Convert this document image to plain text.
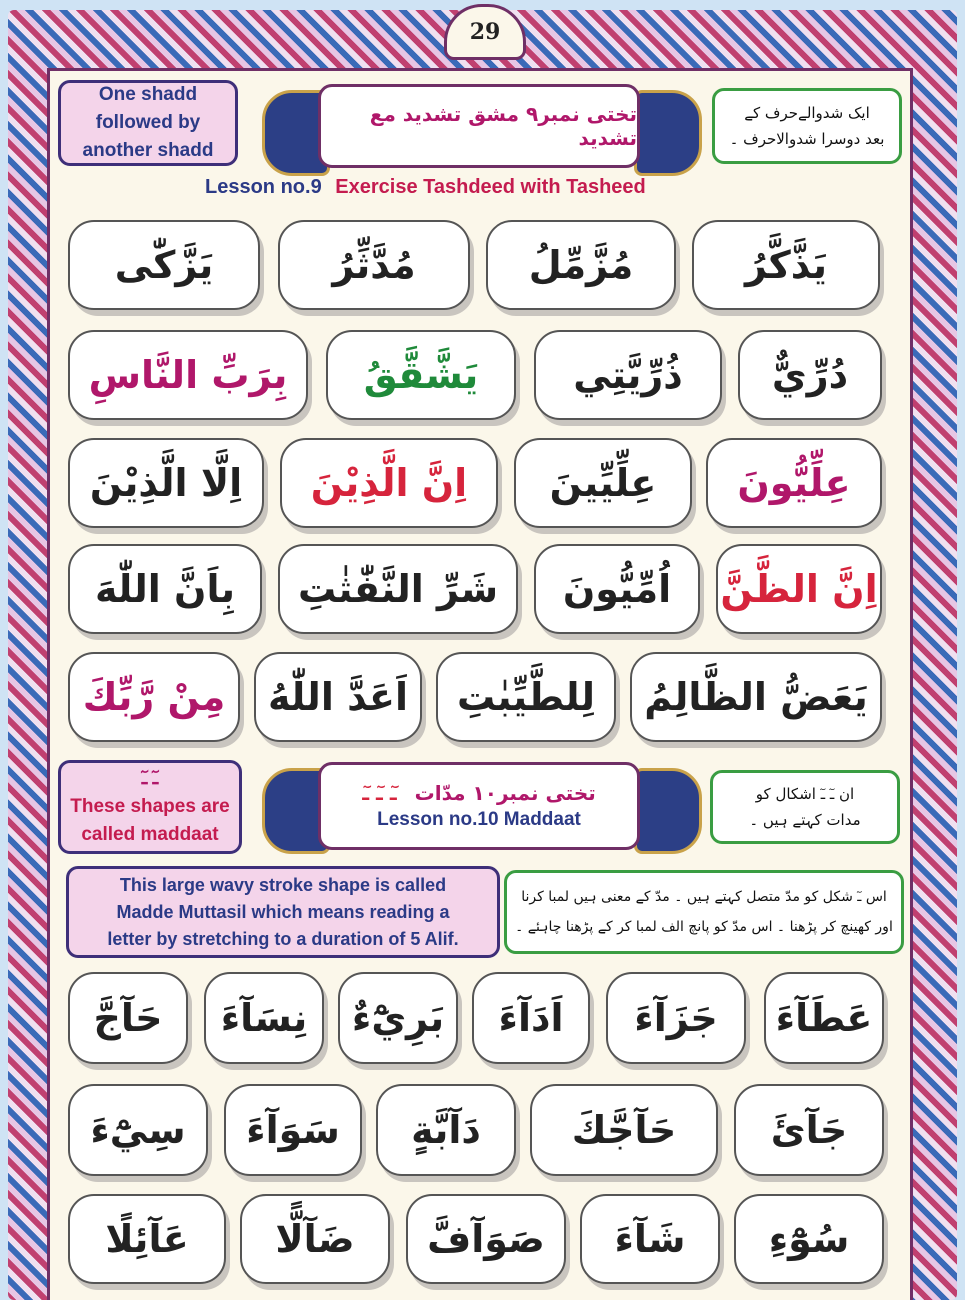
29
One shadd
followed by
another shadd
تختی نمبر۹ مشق تشدید مع تشدید
ایک شدوالےحرف کے
بعد دوسرا شدوالاحرف ۔
Lesson no.9 Exercise Tashdeed with Tasheed
يَذَّكَّرُ
مُزَّمِّلُ
مُدَّثِّرُ
يَزَّكّٰى
دُرِّيٌّ
ذُرِّيَّتِي
يَشَّقَّقُ
بِرَبِّ النَّاسِ
عِلِّيُّونَ
عِلِّيِّينَ
اِنَّ الَّذِيْنَ
اِلَّا الَّذِيْنَ
اِنَّ الظَّنَّ
اُمِّيُّونَ
شَرِّ النَّفّٰثٰتِ
بِاَنَّ اللّٰهَ
يَعَضُّ الظَّالِمُ
لِلطَّيِّبٰتِ
اَعَدَّ اللّٰهُ
مِنْ رَّبِّكَ
ـٓ ـٓ
These shapes are
called maddaat
تختی نمبر۱۰ مدّات
ـٓ ـٓ ـٓ
Lesson no.10 Maddaat
ان ـٓ ـٓ اشکال کو
مدات کہتے ہیں ۔
This large wavy stroke shape is called
Madde Muttasil which means reading a
letter by stretching to a duration of 5 Alif.
اس ـٓ شکل کو مدّ متصل کہتے ہیں ۔ مدّ کے معنی ہیں لمبا کرنا
اور کھینچ کر پڑھنا ۔ اس مدّ کو پانچ الف لمبا کر کے پڑھنا چاہئے ۔
عَطَآءَ
جَزَآءَ
اَدَآءَ
بَرِيْٓءٌ
نِسَآءَ
حَآجَّ
جَآئَ
حَآجَّكَ
دَآبَّةٍ
سَوَآءَ
سِيْٓءَ
سُوْٓءِ
شَآءَ
صَوَآفَّ
ضَآلًّا
عَآئِلًا
